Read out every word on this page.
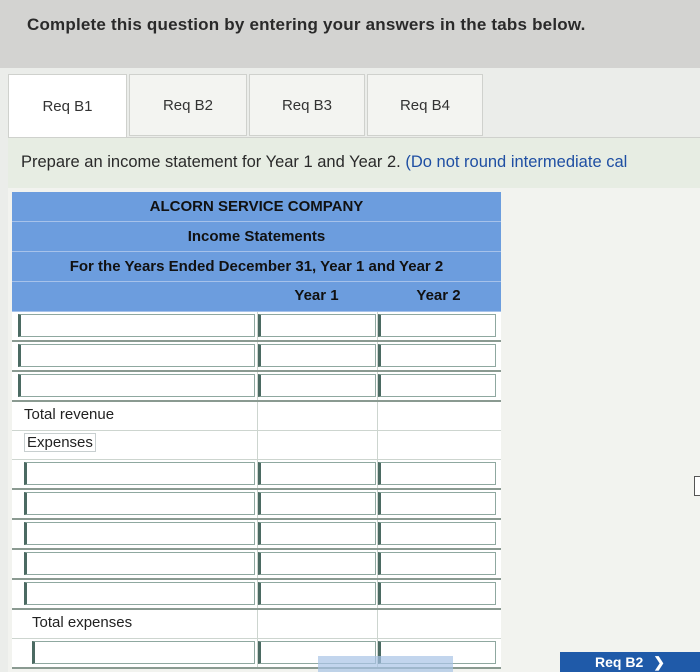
Complete this question by entering your answers in the tabs below.
Req B1	Req B2	Req B3	Req B4
Prepare an income statement for Year 1 and Year 2. (Do not round intermediate cal
ALCORN SERVICE COMPANY
Income Statements
For the Years Ended December 31, Year 1 and Year 2
Year 1	Year 2
Total revenue
Expenses
Total expenses
Req B2 ❯
